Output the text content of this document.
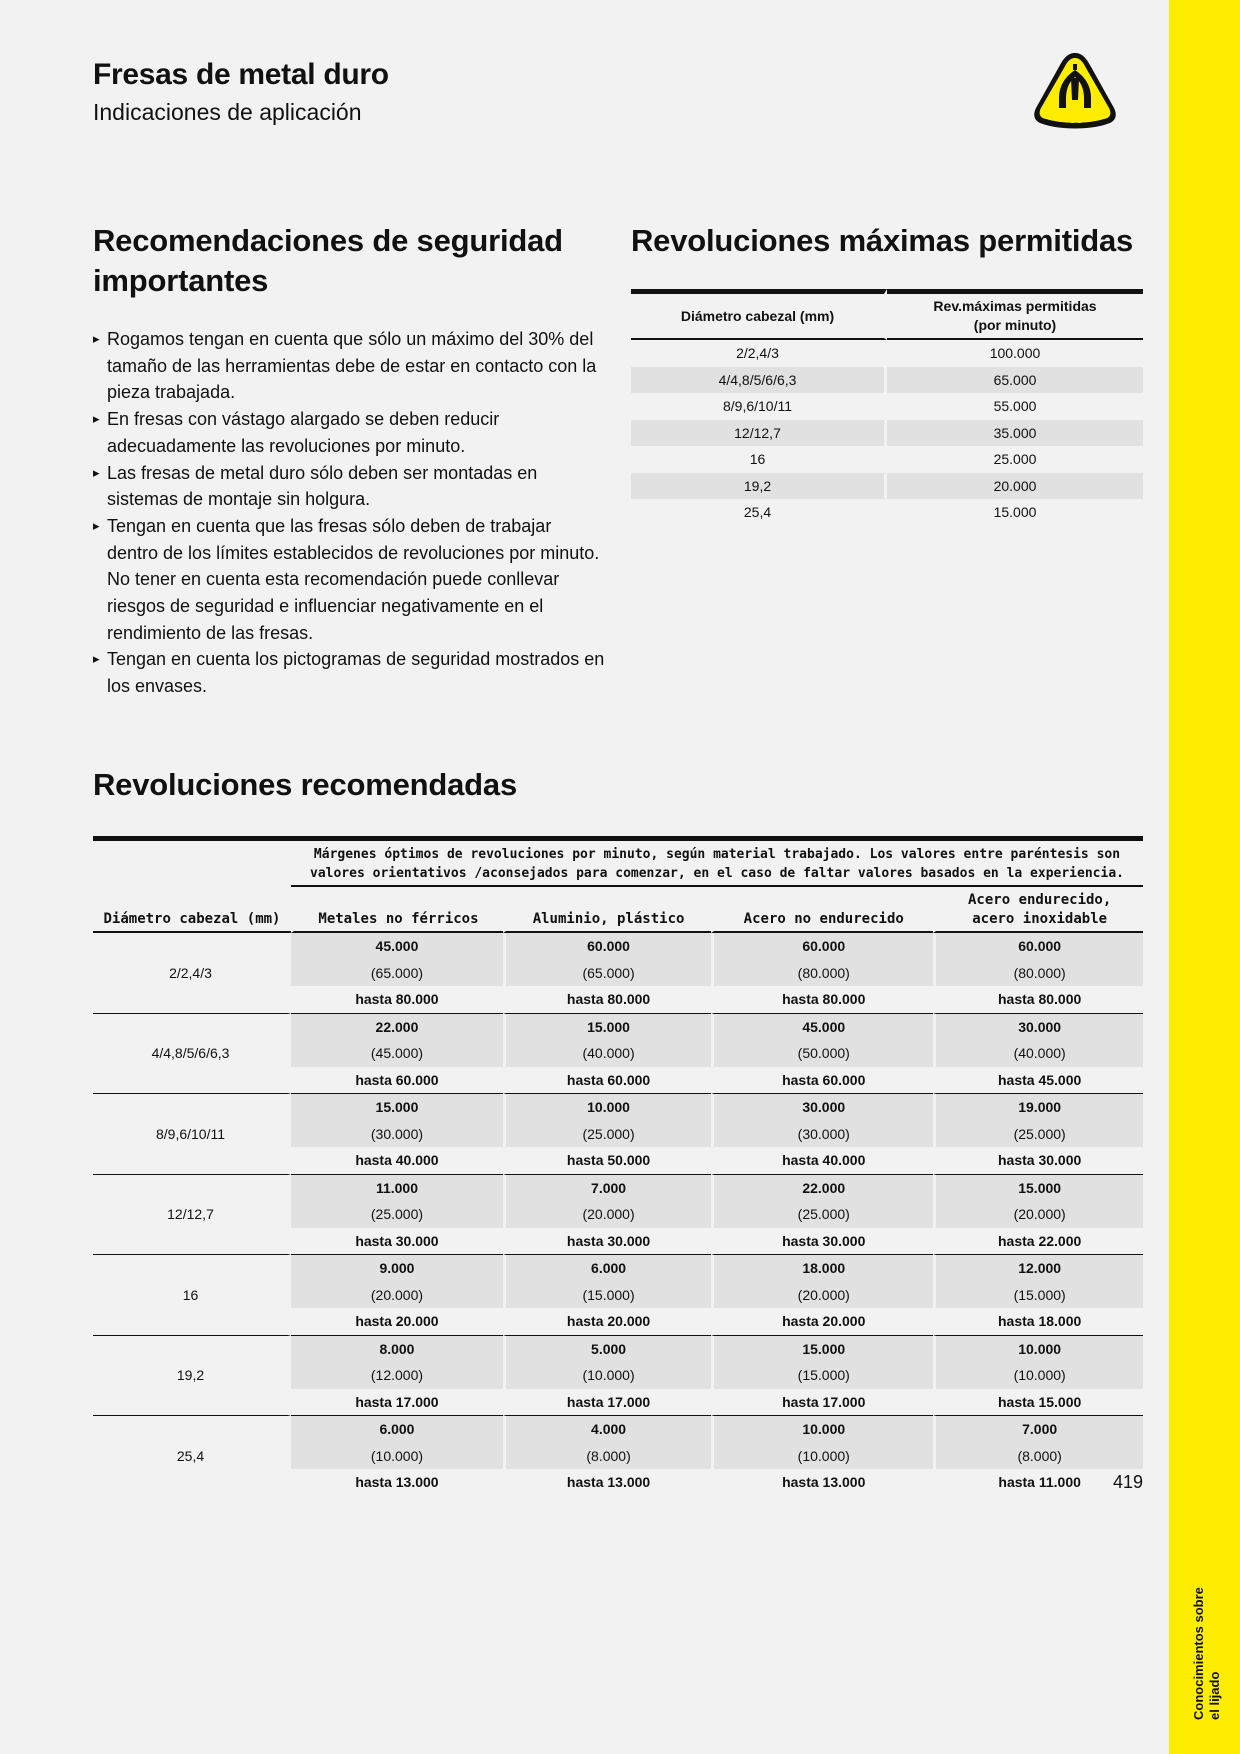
Conocimientos sobre el lijado
Fresas de metal duro
Indicaciones de aplicación	KLINGSPOR
Recomendaciones de seguridad importantes
▸ Rogamos tengan en cuenta que sólo un máximo del 30% del tamaño de las herramientas debe de estar en contacto con la pieza trabajada.
▸ En fresas con vástago alargado se deben reducir adecuadamente las revoluciones por minuto.
▸ Las fresas de metal duro sólo deben ser montadas en sistemas de montaje sin holgura.
▸ Tengan en cuenta que las fresas sólo deben de trabajar dentro de los límites establecidos de revoluciones por minuto. No tener en cuenta esta recomendación puede conllevar riesgos de seguridad e influenciar negativamente en el rendimiento de las fresas.
▸ Tengan en cuenta los pictogramas de seguridad mostrados en los envases.
Revoluciones máximas permitidas
Diámetro cabezal (mm)	Rev.máximas permitidas
(por minuto)
2/2,4/3	100.000
4/4,8/5/6/6,3	65.000
8/9,6/10/11	55.000
12/12,7	35.000
16	25.000
19,2	20.000
25,4	15.000
Revoluciones recomendadas
	Márgenes óptimos de revoluciones por minuto, según material trabajado. Los valores entre paréntesis son valores orientativos /aconsejados para comenzar, en el caso de faltar valores basados en la experiencia.			
Diámetro cabezal (mm)	Metales no férricos	Aluminio, plástico	Acero no endurecido	Acero endurecido,
acero inoxidable
2/2,4/3	45.000	60.000	60.000	60.000
	(65.000)	(65.000)	(80.000)	(80.000)
	hasta 80.000	hasta 80.000	hasta 80.000	hasta 80.000
4/4,8/5/6/6,3	22.000	15.000	45.000	30.000
	(45.000)	(40.000)	(50.000)	(40.000)
	hasta 60.000	hasta 60.000	hasta 60.000	hasta 45.000
8/9,6/10/11	15.000	10.000	30.000	19.000
	(30.000)	(25.000)	(30.000)	(25.000)
	hasta 40.000	hasta 50.000	hasta 40.000	hasta 30.000
12/12,7	11.000	7.000	22.000	15.000
	(25.000)	(20.000)	(25.000)	(20.000)
	hasta 30.000	hasta 30.000	hasta 30.000	hasta 22.000
16	9.000	6.000	18.000	12.000
	(20.000)	(15.000)	(20.000)	(15.000)
	hasta 20.000	hasta 20.000	hasta 20.000	hasta 18.000
19,2	8.000	5.000	15.000	10.000
	(12.000)	(10.000)	(15.000)	(10.000)
	hasta 17.000	hasta 17.000	hasta 17.000	hasta 15.000
25,4	6.000	4.000	10.000	7.000
	(10.000)	(8.000)	(10.000)	(8.000)
	hasta 13.000	hasta 13.000	hasta 13.000	hasta 11.000 419
